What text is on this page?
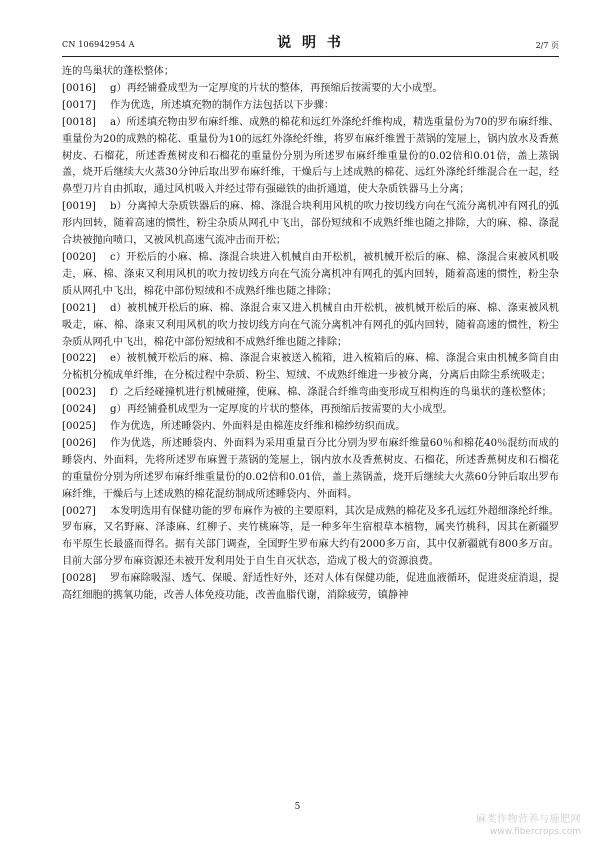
CN 106942954 A	说 明 书	2/7 页

连的鸟巢状的蓬松整体；

[0016] g）再经铺叠成型为一定厚度的片状的整体，再预缩后按需要的大小成型。

[0017] 作为优选，所述填充物的制作方法包括以下步骤：

[0018] a）所述填充物由罗布麻纤维、成熟的棉花和远红外涤纶纤维构成，精选重量份为70的罗布麻纤维、重量份为20的成熟的棉花、重量份为10的远红外涤纶纤维，将罗布麻纤维置于蒸锅的笼屉上，锅内放水及香蕉树皮、石榴花，所述香蕉树皮和石榴花的重量份分别为所述罗布麻纤维重量份的0.02倍和0.01倍，盖上蒸锅盖，烧开后继续大火蒸30分钟后取出罗布麻纤维，干燥后与上述成熟的棉花、远红外涤纶纤维混合在一起，经鼻型刀片自由抓取，通过风机吸入并经过带有强磁铁的曲折通道，使大杂质铁器马上分离；

[0019] b）分离掉大杂质铁器后的麻、棉、涤混合块利用风机的吹力按切线方向在气流分离机冲有网孔的弧形内回转，随着高速的惯性，粉尘杂质从网孔中飞出，部份短绒和不成熟纤维也随之排除，大的麻、棉、涤混合块被抛向喷口，又被风机高速气流冲击而开松；

[0020] c）开松后的小麻、棉、涤混合块进入机械自由开松机，被机械开松后的麻、棉、涤混合束被风机吸走，麻、棉、涤束又利用风机的吹力按切线方向在气流分离机冲有网孔的弧内回转，随着高速的惯性，粉尘杂质从网孔中飞出，棉花中部份短绒和不成熟纤维也随之排除；

[0021] d）被机械开松后的麻、棉、涤混合束又进入机械自由开松机，被机械开松后的麻、棉、涤束被风机吸走，麻、棉、涤束又利用风机的吹力按切线方向在气流分离机冲有网孔的弧内回转，随着高速的惯性，粉尘杂质从网孔中飞出，棉花中部份短绒和不成熟纤维也随之排除；

[0022] e）被机械开松后的麻、棉、涤混合束被送入梳箱，进入梳箱后的麻、棉、涤混合束由机械多筒自由分梳机分梳成单纤维，在分梳过程中杂质、粉尘、短绒、不成熟纤维进一步被分离，分离后由除尘系统吸走；

[0023] f）之后经碰撞机进行机械碰撞，使麻、棉、涤混合纤维弯曲变形成互相构连的鸟巢状的蓬松整体；

[0024] g）再经铺叠机成型为一定厚度的片状的整体，再预缩后按需要的大小成型。

[0025] 作为优选，所述睡袋内、外面料是由棉莲皮纤维和棉纱纺织而成。

[0026] 作为优选，所述睡袋内、外面料为采用重量百分比分别为罗布麻纤维量60％和棉花40％混纺而成的睡袋内、外面料，先将所述罗布麻置于蒸锅的笼屉上，锅内放水及香蕉树皮、石榴花，所述香蕉树皮和石榴花的重量份分别为所述罗布麻纤维重量份的0.02倍和0.01倍，盖上蒸锅盖，烧开后继续大火蒸60分钟后取出罗布麻纤维，干燥后与上述成熟的棉花混纺制成所述睡袋内、外面料。

[0027] 本发明选用有保健功能的罗布麻作为被的主要原料，其次是成熟的棉花及多孔远红外超细涤纶纤维。罗布麻，又名野麻、泽漆麻、红柳子、夹竹桃麻等，是一种多年生宿根草本植物，属夹竹桃科，因其在新疆罗布平原生长最盛而得名。据有关部门调查，全国野生罗布麻大约有2000多万亩，其中仅新疆就有800多万亩。目前大部分罗布麻资源还未被开发利用处于自生自灭状态，造成了极大的资源浪费。

[0028] 罗布麻除吸湿、透气、保暖、舒适性好外，还对人体有保健功能，促进血液循环，促进炎症消退，提高红细胞的携氧功能，改善人体免疫功能，改善血脂代谢，消除疲劳，镇静神

5
麻类作物营养与施肥网
www.fibercrops.com
